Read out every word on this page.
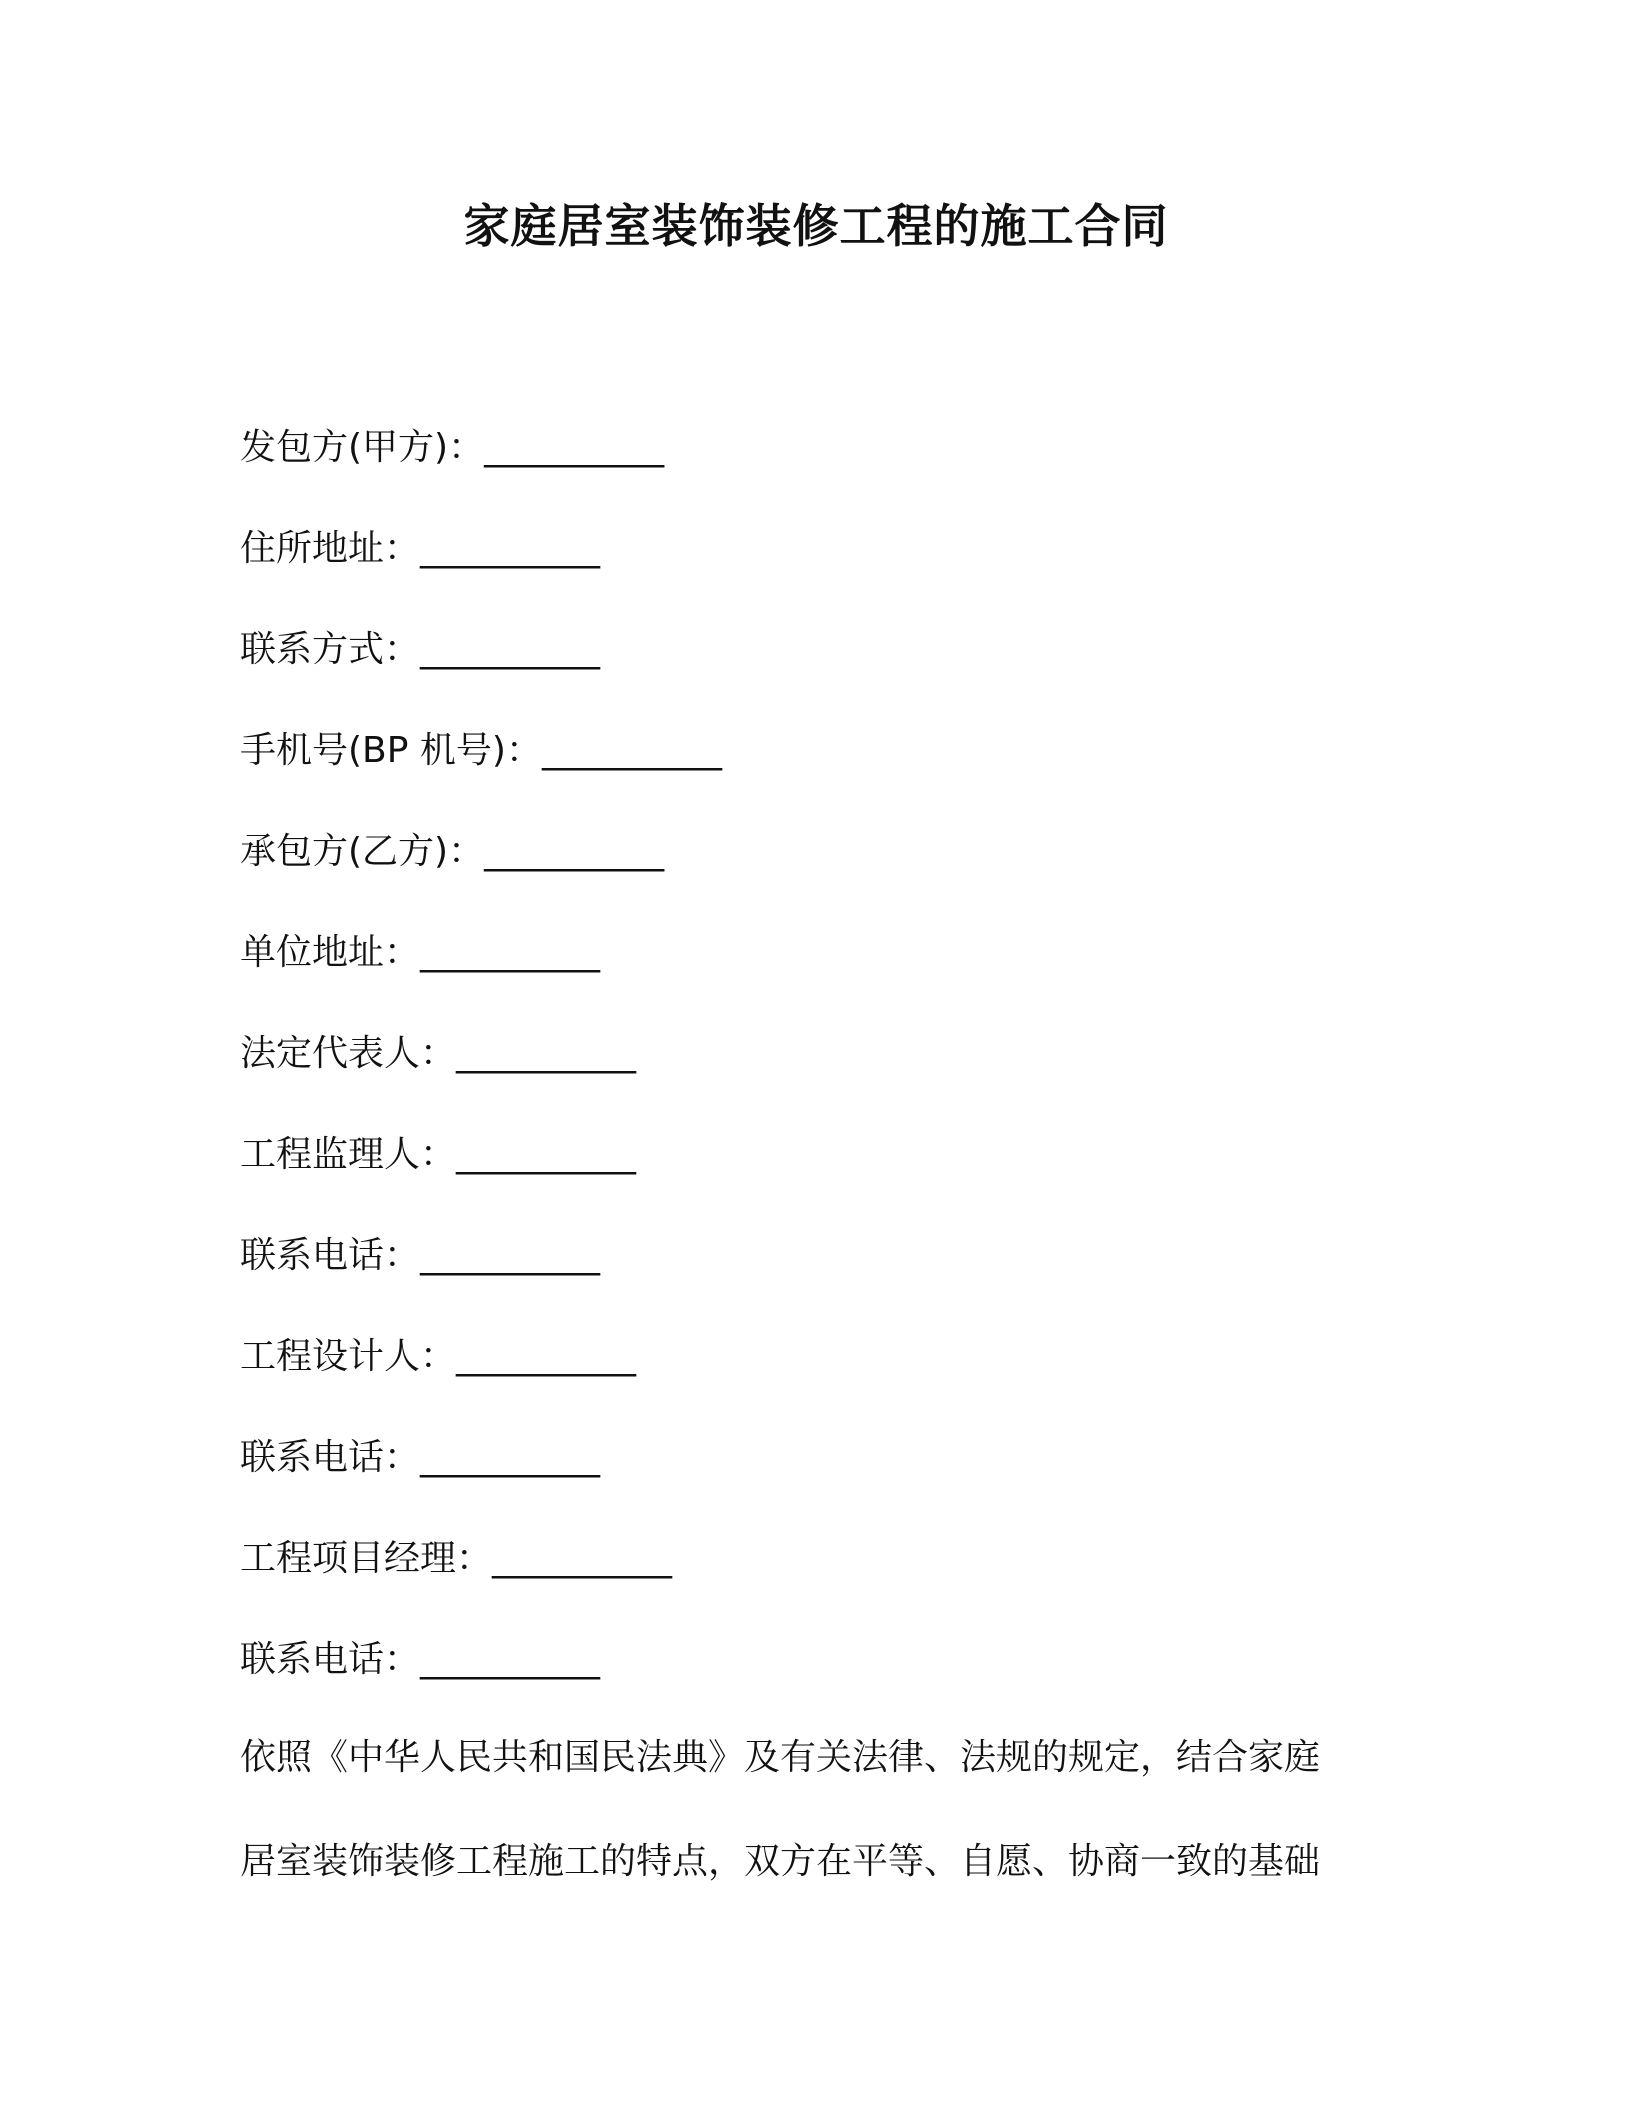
家庭居室装饰装修工程的施工合同
发包方(甲方)：__________
住所地址：__________
联系方式：__________
手机号(BP 机号)：__________
承包方(乙方)：__________
单位地址：__________
法定代表人：__________
工程监理人：__________
联系电话：__________
工程设计人：__________
联系电话：__________
工程项目经理：__________
联系电话：__________
依照《中华人民共和国民法典》及有关法律、法规的规定，结合家庭
居室装饰装修工程施工的特点，双方在平等、自愿、协商一致的基础
